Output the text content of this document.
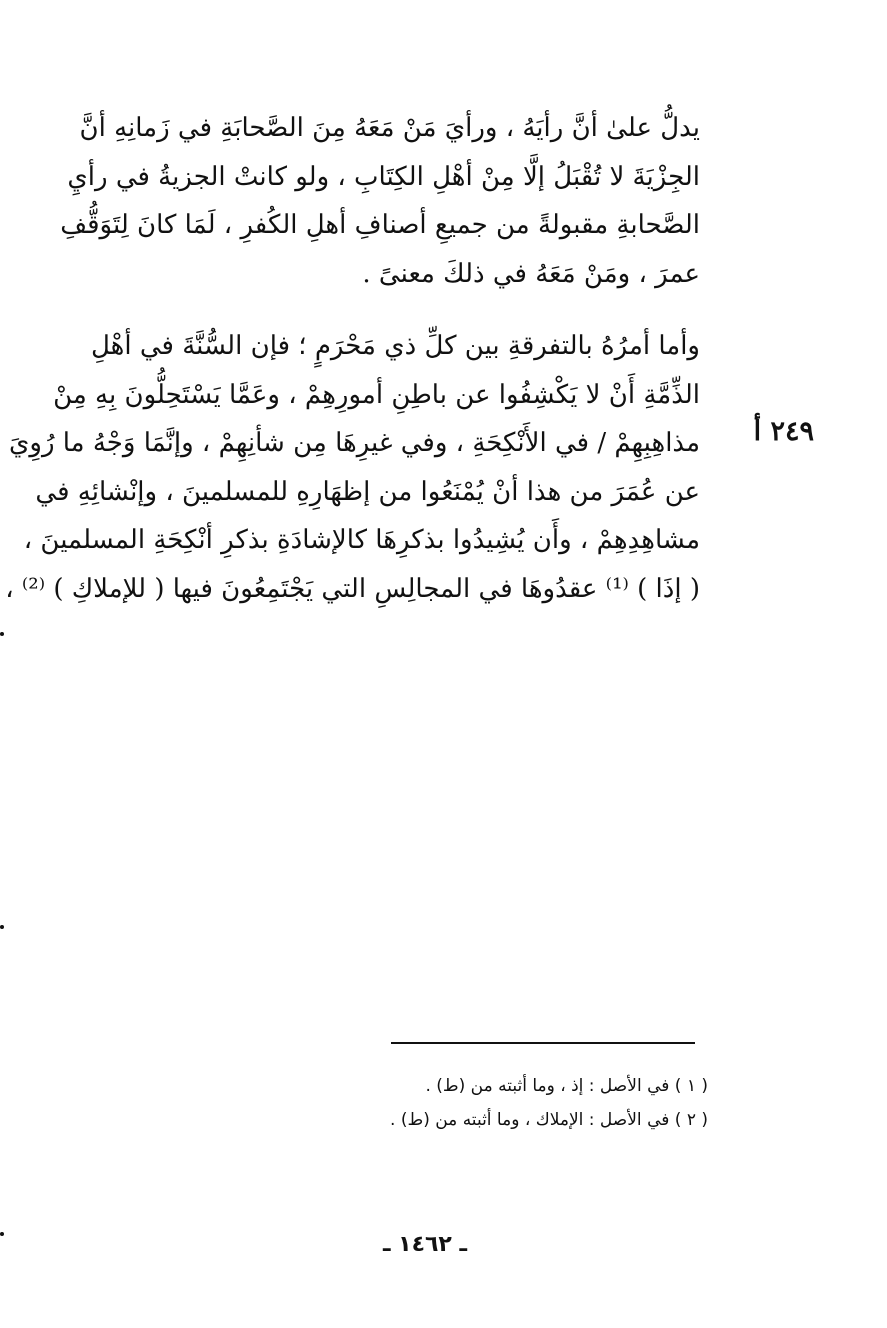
يدلُّ علىٰ أنَّ رأيَهُ ، ورأيَ مَنْ مَعَهُ مِنَ الصَّحابَةِ في زَمانِهِ أنَّ
الجِزْيَةَ لا تُقْبَلُ إلَّا مِنْ أهْلِ الكِتَابِ ، ولو كانتْ الجزيةُ في رأيِ
الصَّحابةِ مقبولةً من جميعِ أصنافِ أهلِ الكُفرِ ، لَمَا كانَ لِتَوَقُّفِ
عمرَ ، ومَنْ مَعَهُ في ذلكَ معنىً .
وأما أمرُهُ بالتفرقةِ بين كلِّ ذي مَحْرَمٍ ؛ فإن السُّنَّةَ في أهْلِ
الذِّمَّةِ أَنْ لا يَكْشِفُوا عن باطِنِ أمورِهِمْ ، وعَمَّا يَسْتَحِلُّونَ بِهِ مِنْ
مذاهِبِهِمْ / في الأَنْكِحَةِ ، وفي غيرِهَا مِن شأنِهِمْ ، وإنَّمَا وَجْهُ ما رُوِيَ
عن عُمَرَ من هذا أنْ يُمْنَعُوا من إظهَارِهِ للمسلمينَ ، وإنْشائِهِ في
مشاهِدِهِمْ ، وأَن يُشِيدُوا بذكرِهَا كالإشادَةِ بذكرِ أنْكِحَةِ المسلمينَ ،
( إذَا ) ⁽¹⁾ عقدُوهَا في المجالِسِ التي يَجْتَمِعُونَ فيها ( للإملاكِ ) ⁽²⁾ ،
٢٤٩ أ
( ١ ) في الأصل : إذ ، وما أثبته من (ط) .
( ٢ ) في الأصل : الإملاك ، وما أثبته من (ط) .
ـ ١٤٦٢ ـ
